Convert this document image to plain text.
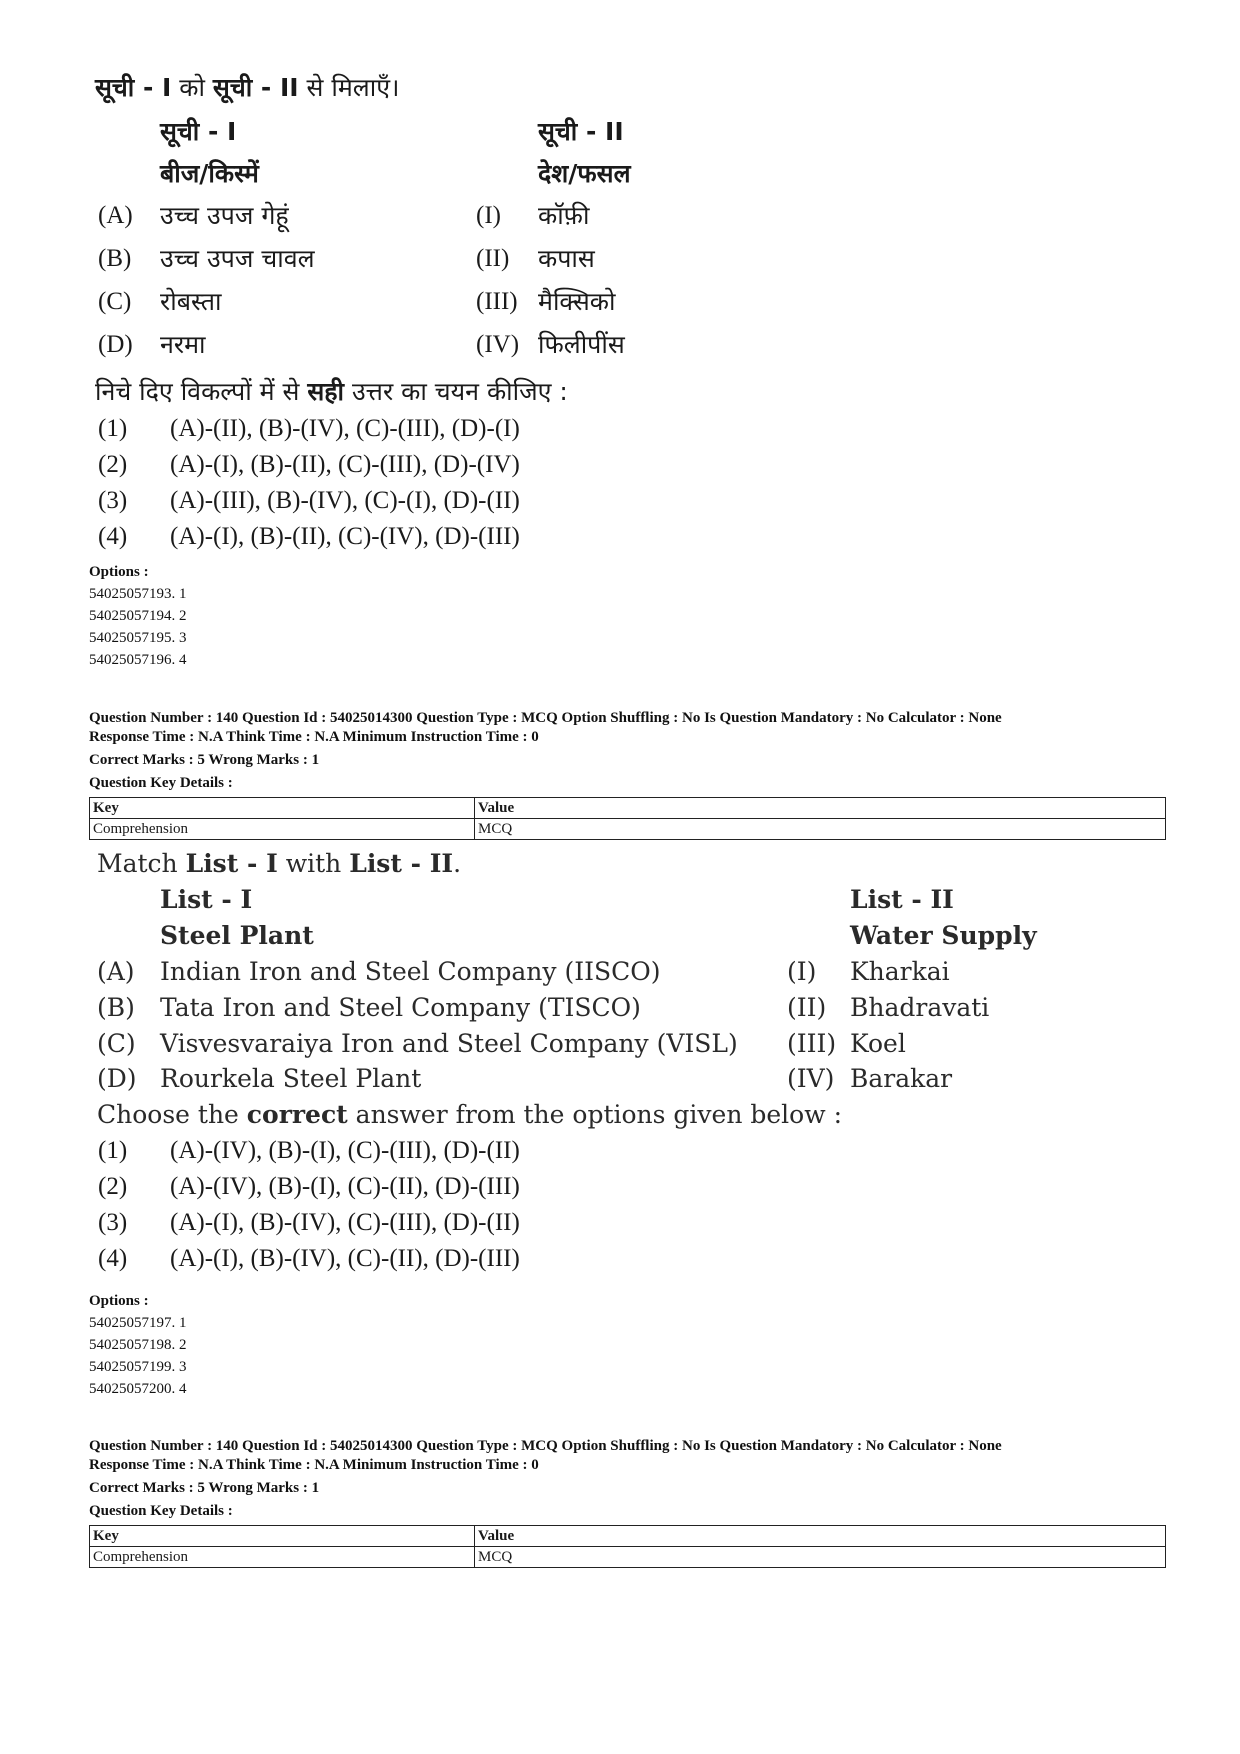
सूची - I को सूची - II से मिलाएँ।
सूची - I	सूची - II
बीज/किस्में	देश/फसल
(A) उच्च उपज गेहूं	(I) कॉफ़ी
(B) उच्च उपज चावल	(II) कपास
(C) रोबस्ता	(III) मैक्सिको
(D) नरमा	(IV) फिलीपींस
निचे दिए विकल्पों में से सही उत्तर का चयन कीजिए :
(1) (A)-(II), (B)-(IV), (C)-(III), (D)-(I)
(2) (A)-(I), (B)-(II), (C)-(III), (D)-(IV)
(3) (A)-(III), (B)-(IV), (C)-(I), (D)-(II)
(4) (A)-(I), (B)-(II), (C)-(IV), (D)-(III)
Options :
54025057193. 1
54025057194. 2
54025057195. 3
54025057196. 4
Question Number : 140 Question Id : 54025014300 Question Type : MCQ Option Shuffling : No Is Question Mandatory : No Calculator : None
Response Time : N.A Think Time : N.A Minimum Instruction Time : 0
Correct Marks : 5 Wrong Marks : 1
Question Key Details :
Key	Value
Comprehension	MCQ
Match List - I with List - II.
List - I	List - II
Steel Plant	Water Supply
(A) Indian Iron and Steel Company (IISCO)	(I) Kharkai
(B) Tata Iron and Steel Company (TISCO)	(II) Bhadravati
(C) Visvesvaraiya Iron and Steel Company (VISL) (III) Koel
(D) Rourkela Steel Plant	(IV) Barakar
Choose the correct answer from the options given below :
(1) (A)-(IV), (B)-(I), (C)-(III), (D)-(II)
(2) (A)-(IV), (B)-(I), (C)-(II), (D)-(III)
(3) (A)-(I), (B)-(IV), (C)-(III), (D)-(II)
(4) (A)-(I), (B)-(IV), (C)-(II), (D)-(III)
Options :
54025057197. 1
54025057198. 2
54025057199. 3
54025057200. 4
Question Number : 140 Question Id : 54025014300 Question Type : MCQ Option Shuffling : No Is Question Mandatory : No Calculator : None
Response Time : N.A Think Time : N.A Minimum Instruction Time : 0
Correct Marks : 5 Wrong Marks : 1
Question Key Details :
Key	Value
Comprehension	MCQ
